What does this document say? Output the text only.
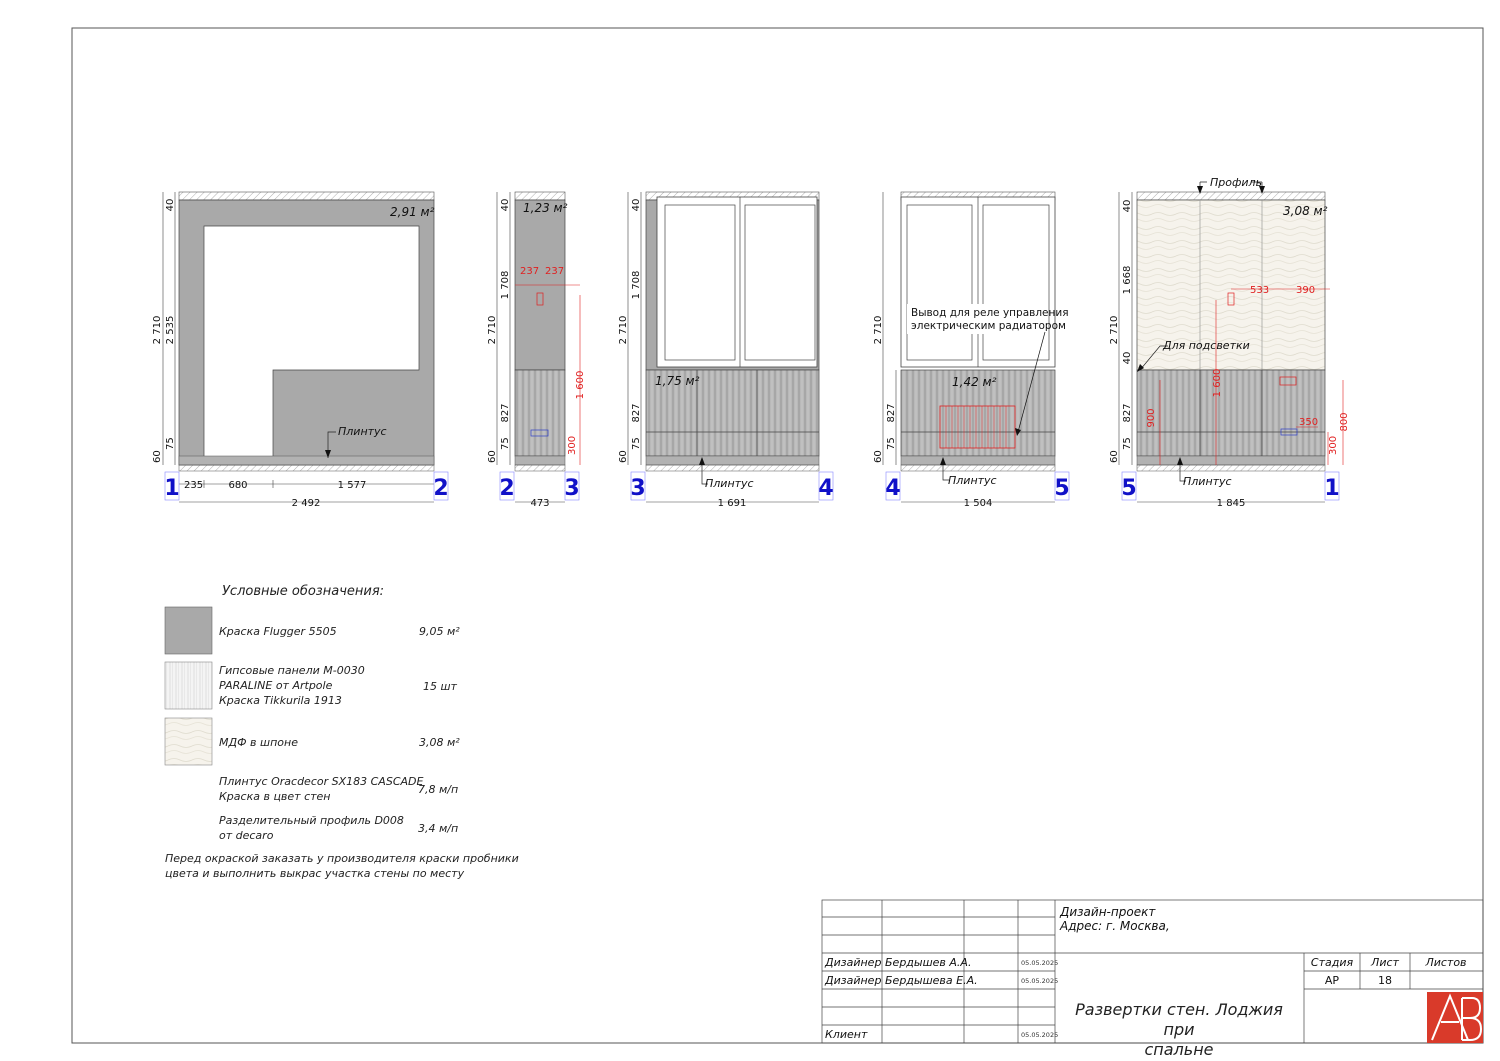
2,91 м²
2 710 2 535
40
60
75
Плинтус
235	680	1 577
2 492
1	2
1,23 м²
237 237
1 600
300
2 710
40
1 708
827
60
75
473
2 3
1,75 м²
Плинтус
2 710
40
1 708
827
60
75
1 691
3	4
1,42 м²
Вывод для реле управления электрическим радиатором
Плинтус
2 710
827
60
75
1 504
4	5
3,08 м²
Профиль
Для подсветки
533	390
900
1 600
350
300
800
Плинтус
2 710
40
1 668
40
827
60
75
1 845
5	1
Дизайн-проект
Адрес: г. Москва,
Дизайнер Бердышев А.А.	05.05.2025
Дизайнер Бердышева Е.А.	05.05.2025
Клиент	05.05.2025
Стадия Лист Листов
АР	18
Условные обозначения:
Краска Flugger 5505	9,05 м²
Гипсовые панели М-0030
PARALINE от Artpole
Краска Tikkurila 1913
15 шт
МДФ в шпоне	3,08 м²
Плинтус Oracdecor SX183 CASCADE
Краска в цвет стен
7,8 м/п
Разделительный профиль D008
от decaro
3,4 м/п
Перед окраской заказать у производителя краски пробники
цвета и выполнить выкрас участка стены по месту
Развертки стен. Лоджия при
спальне
